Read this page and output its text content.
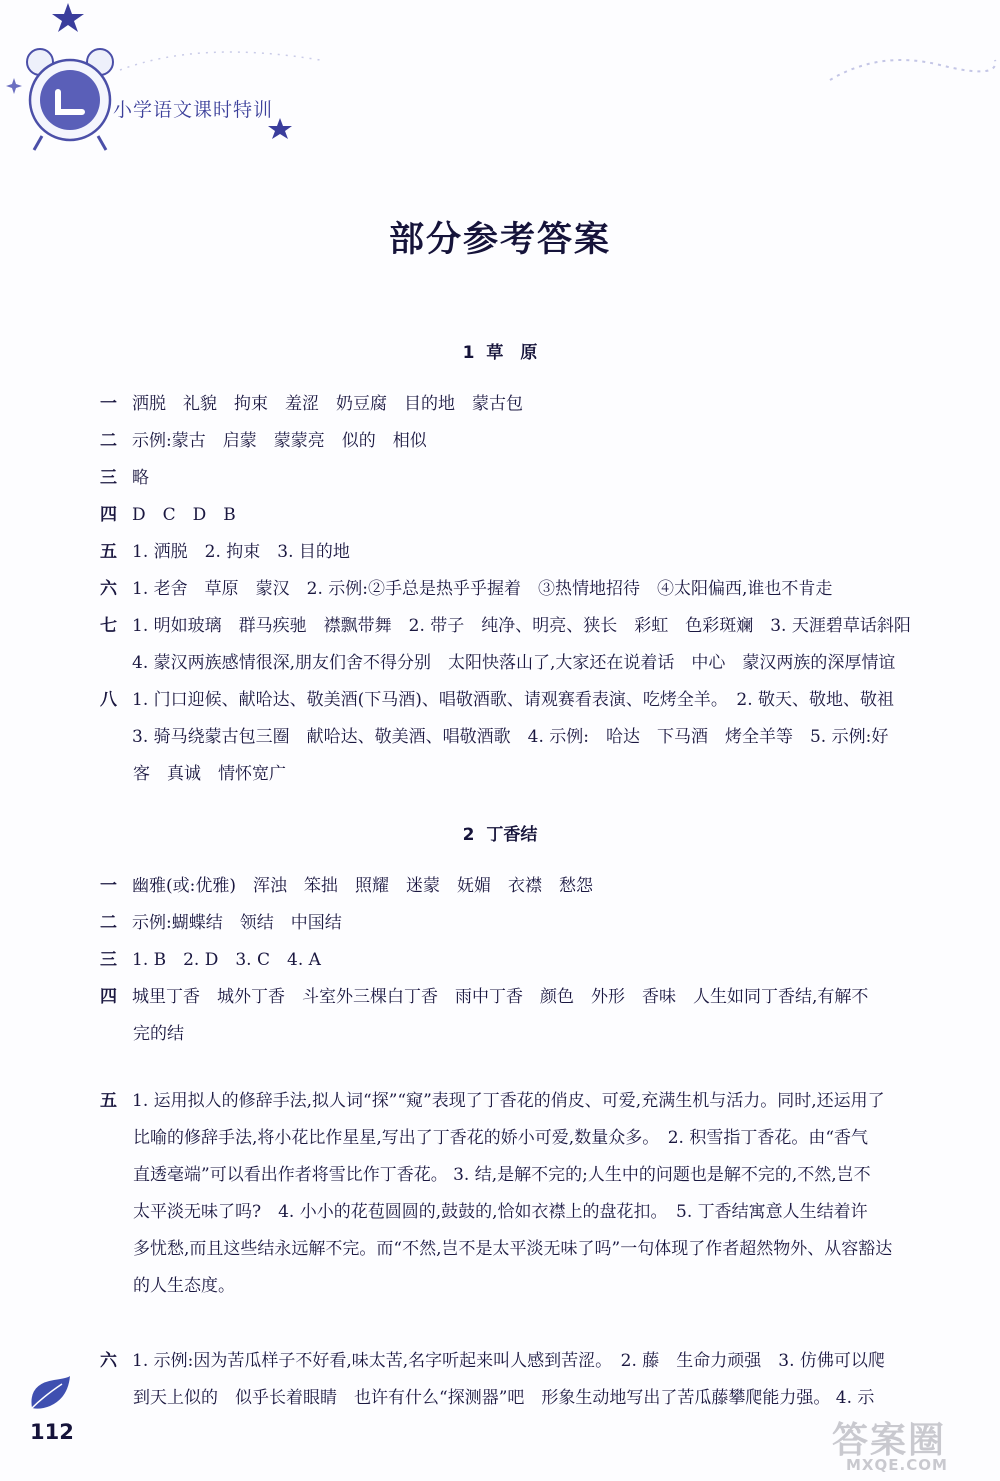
小学语文课时特训
部分参考答案
1 草　原
一 洒脱　礼貌　拘束　羞涩　奶豆腐　目的地　蒙古包
二 示例:蒙古　启蒙　蒙蒙亮　似的　相似
三 略
四 D　C　D　B
五 1. 洒脱　2. 拘束　3. 目的地
六 1. 老舍　草原　蒙汉　2. 示例:②手总是热乎乎握着　③热情地招待　④太阳偏西,谁也不肯走
七 1. 明如玻璃　群马疾驰　襟飘带舞　2. 带子　纯净、明亮、狭长　彩虹　色彩斑斓　3. 天涯碧草话斜阳
4. 蒙汉两族感情很深,朋友们舍不得分别　太阳快落山了,大家还在说着话　中心　蒙汉两族的深厚情谊
八 1. 门口迎候、献哈达、敬美酒(下马酒)、唱敬酒歌、请观赛看表演、吃烤全羊。　2. 敬天、敬地、敬祖
3. 骑马绕蒙古包三圈　献哈达、敬美酒、唱敬酒歌　4. 示例:　哈达　下马酒　烤全羊等　5. 示例:好
客　真诚　情怀宽广
2 丁香结
一 幽雅(或:优雅)　浑浊　笨拙　照耀　迷蒙　妩媚　衣襟　愁怨
二 示例:蝴蝶结　领结　中国结
三 1. B　2. D　3. C　4. A
四 城里丁香　城外丁香　斗室外三棵白丁香　雨中丁香　颜色　外形　香味　人生如同丁香结,有解不
完的结
五 1. 运用拟人的修辞手法,拟人词“探”“窥”表现了丁香花的俏皮、可爱,充满生机与活力。同时,还运用了
比喻的修辞手法,将小花比作星星,写出了丁香花的娇小可爱,数量众多。　2. 积雪指丁香花。由“香气
直透毫端”可以看出作者将雪比作丁香花。 3. 结,是解不完的;人生中的问题也是解不完的,不然,岂不
太平淡无味了吗?　4. 小小的花苞圆圆的,鼓鼓的,恰如衣襟上的盘花扣。　5. 丁香结寓意人生结着许
多忧愁,而且这些结永远解不完。而“不然,岂不是太平淡无味了吗”一句体现了作者超然物外、从容豁达
的人生态度。
六 1. 示例:因为苦瓜样子不好看,味太苦,名字听起来叫人感到苦涩。　2. 藤　生命力顽强　3. 仿佛可以爬
到天上似的　似乎长着眼睛　也许有什么“探测器”吧　形象生动地写出了苦瓜藤攀爬能力强。 4. 示
112	答案圈
MXQE.COM
